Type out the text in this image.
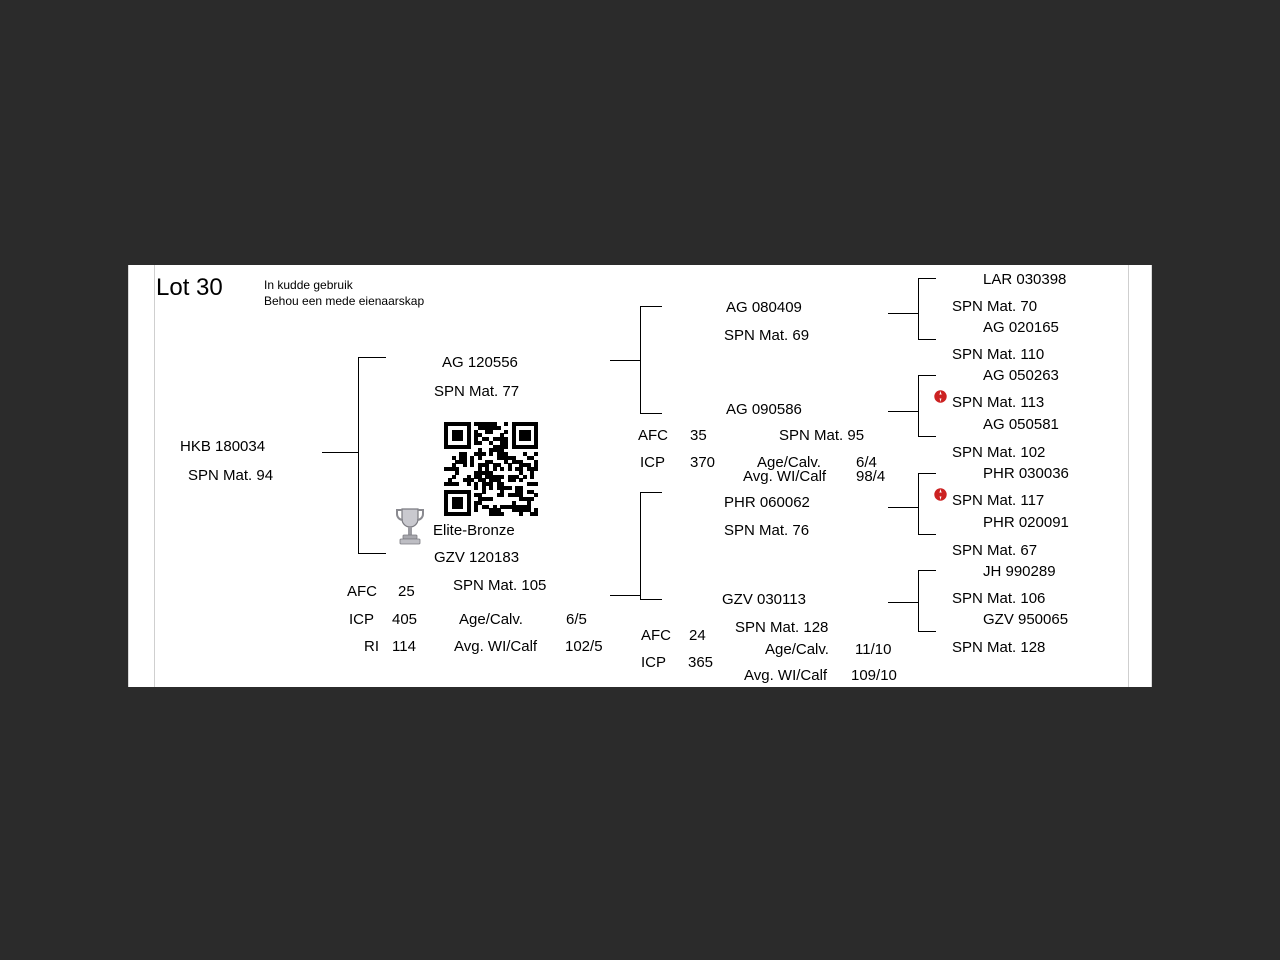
Lot 30	In kudde gebruik
Behou een mede eienaarskap
HKB 180034
SPN Mat. 94
AG 120556
SPN Mat. 77
Elite-Bronze
GZV 120183
SPN Mat. 105
AFC 25
ICP 405
RI 114
Age/Calv.	6/5
Avg. WI/Calf 102/5
AG 080409
SPN Mat. 69
AG 090586
AFC 35
ICP 370
SPN Mat. 95
Age/Calv. 6/4
Avg. WI/Calf 98/4
PHR 060062
SPN Mat. 76
GZV 030113
SPN Mat. 128
AFC 24
ICP 365
Age/Calv. 11/10
Avg. WI/Calf 109/10
LAR 030398
SPN Mat. 70
AG 020165
SPN Mat. 110
AG 050263
SPN Mat. 113
AG 050581
SPN Mat. 102
PHR 030036
SPN Mat. 117
PHR 020091
SPN Mat. 67
JH 990289
SPN Mat. 106
GZV 950065
SPN Mat. 128
